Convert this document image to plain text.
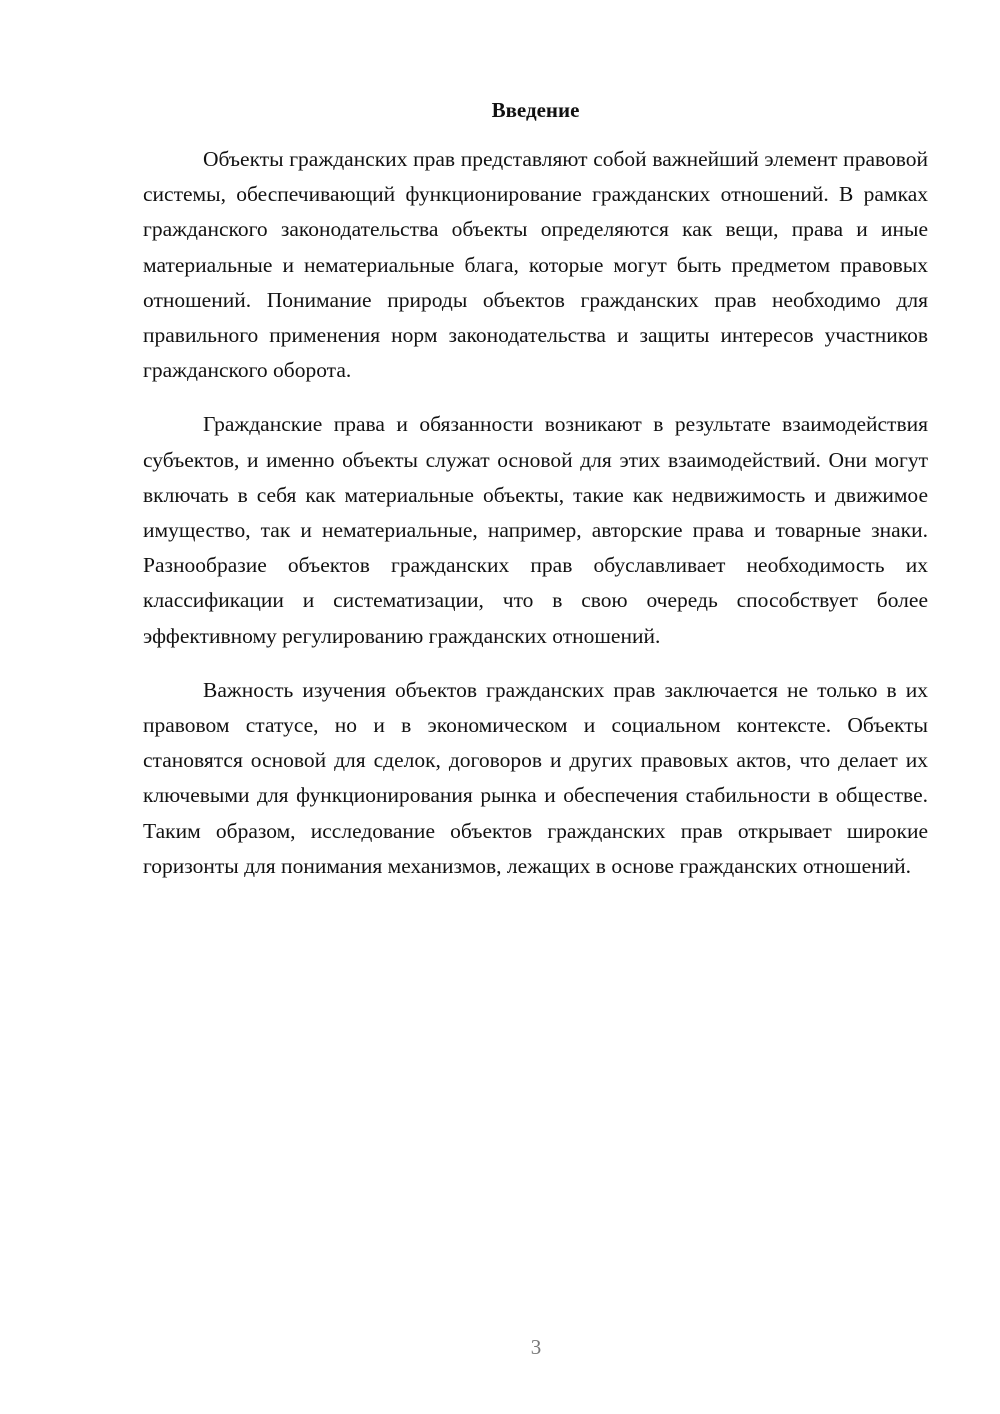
Введение

Объекты гражданских прав представляют собой важнейший элемент правовой системы, обеспечивающий функционирование гражданских отношений. В рамках гражданского законодательства объекты определяются как вещи, права и иные материальные и нематериальные блага, которые могут быть предметом правовых отношений. Понимание природы объектов гражданских прав необходимо для правильного применения норм законодательства и защиты интересов участников гражданского оборота.

Гражданские права и обязанности возникают в результате взаимодействия субъектов, и именно объекты служат основой для этих взаимодействий. Они могут включать в себя как материальные объекты, такие как недвижимость и движимое имущество, так и нематериальные, например, авторские права и товарные знаки. Разнообразие объектов гражданских прав обуславливает необходимость их классификации и систематизации, что в свою очередь способствует более эффективному регулированию гражданских отношений.

Важность изучения объектов гражданских прав заключается не только в их правовом статусе, но и в экономическом и социальном контексте. Объекты становятся основой для сделок, договоров и других правовых актов, что делает их ключевыми для функционирования рынка и обеспечения стабильности в обществе. Таким образом, исследование объектов гражданских прав открывает широкие горизонты для понимания механизмов, лежащих в основе гражданских отношений.

3
